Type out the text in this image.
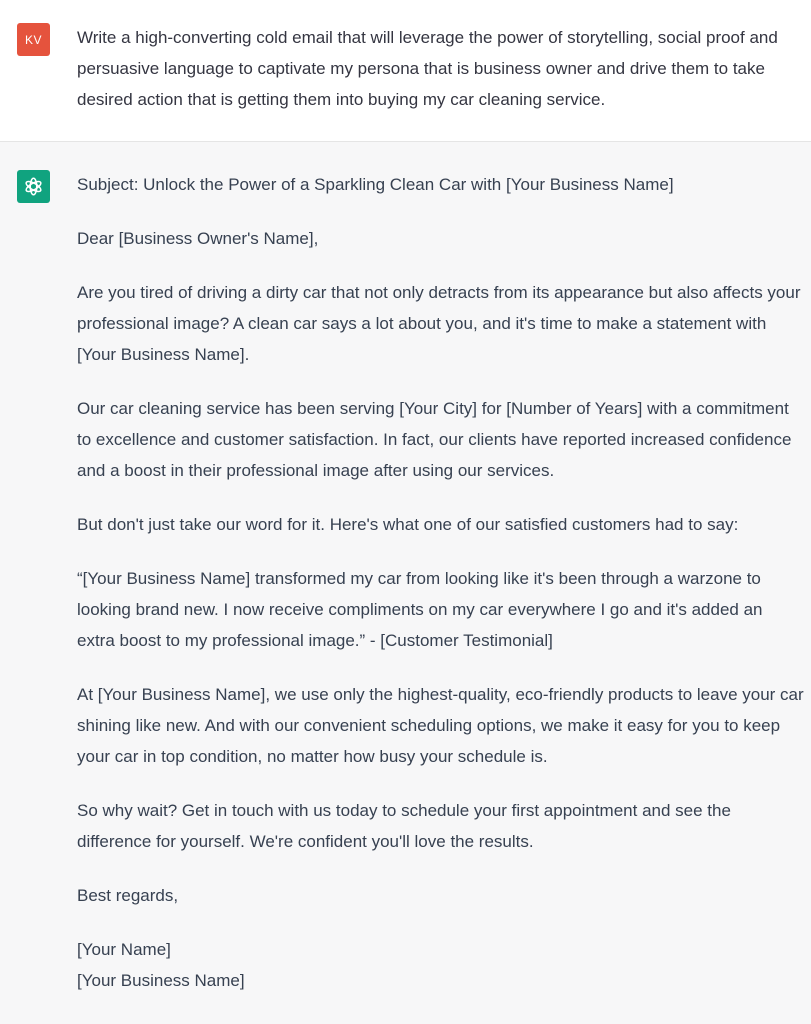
KV Write a high-converting cold email that will leverage the power of storytelling, social proof and persuasive language to captivate my persona that is business owner and drive them to take desired action that is getting them into buying my car cleaning service.

Subject: Unlock the Power of a Sparkling Clean Car with [Your Business Name]

Dear [Business Owner's Name],

Are you tired of driving a dirty car that not only detracts from its appearance but also affects your professional image? A clean car says a lot about you, and it's time to make a statement with [Your Business Name].

Our car cleaning service has been serving [Your City] for [Number of Years] with a commitment to excellence and customer satisfaction. In fact, our clients have reported increased confidence and a boost in their professional image after using our services.

But don't just take our word for it. Here's what one of our satisfied customers had to say:

“[Your Business Name] transformed my car from looking like it's been through a warzone to looking brand new. I now receive compliments on my car everywhere I go and it's added an extra boost to my professional image.” - [Customer Testimonial]

At [Your Business Name], we use only the highest-quality, eco-friendly products to leave your car shining like new. And with our convenient scheduling options, we make it easy for you to keep your car in top condition, no matter how busy your schedule is.

So why wait? Get in touch with us today to schedule your first appointment and see the difference for yourself. We're confident you'll love the results.

Best regards,

[Your Name]

[Your Business Name]
